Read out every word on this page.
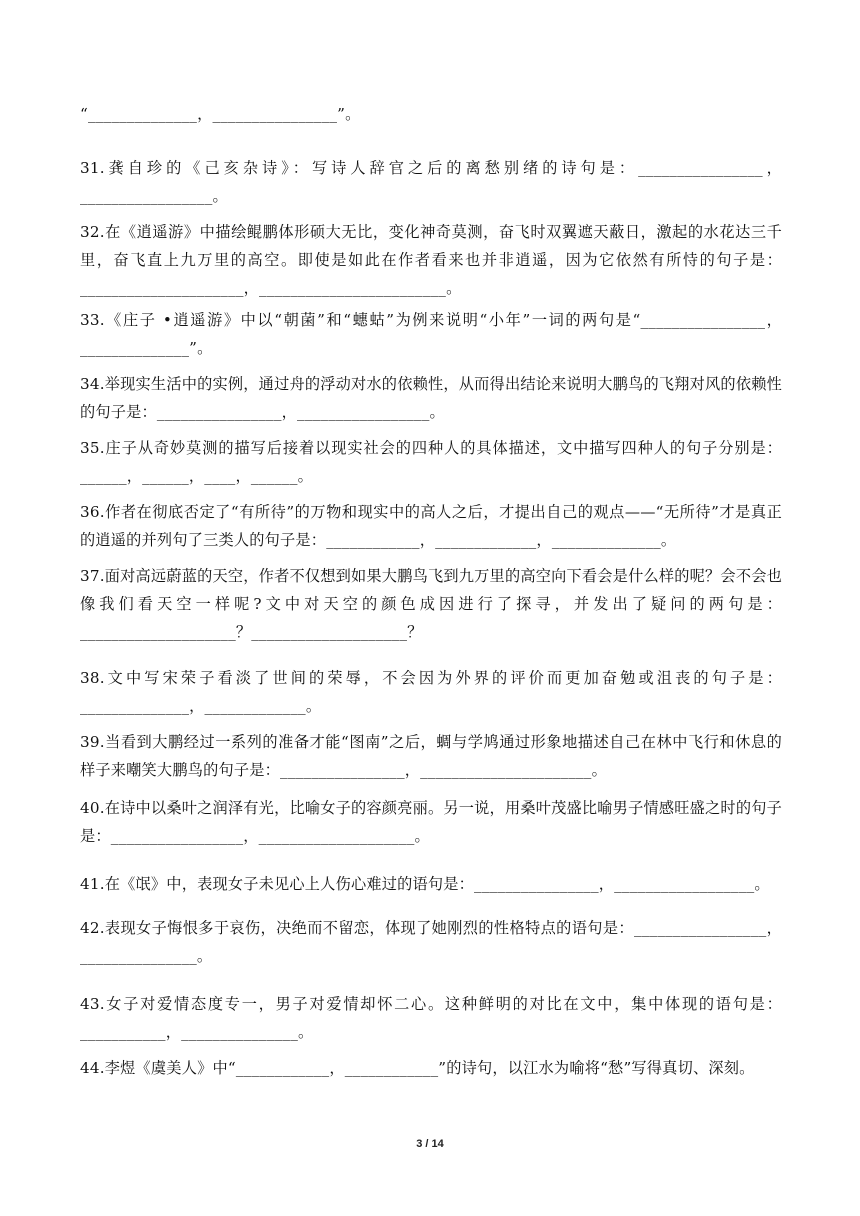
“______________，________________”。
31.龚自珍的《己亥杂诗》：写诗人辞官之后的离愁别绪的诗句是：________________，_________________。
32.在《逍遥游》中描绘鲲鹏体形硕大无比，变化神奇莫测，奋飞时双翼遮天蔽日，激起的水花达三千里，奋飞直上九万里的高空。即使是如此在作者看来也并非逍遥，因为它依然有所恃的句子是：_____________________，________________________。
33.《庄子 •逍遥游》中以“朝菌”和“蟪蛄”为例来说明“小年”一词的两句是“________________，______________”。
34.举现实生活中的实例，通过舟的浮动对水的依赖性，从而得出结论来说明大鹏鸟的飞翔对风的依赖性的句子是：________________，_________________。
35.庄子从奇妙莫测的描写后接着以现实社会的四种人的具体描述，文中描写四种人的句子分别是：______，______，____，______。
36.作者在彻底否定了“有所待”的万物和现实中的高人之后，才提出自己的观点——“无所待”才是真正的逍遥的并列句了三类人的句子是：____________，_____________，______________。
37.面对高远蔚蓝的天空，作者不仅想到如果大鹏鸟飞到九万里的高空向下看会是什么样的呢？会不会也像我们看天空一样呢?文中对天空的颜色成因进行了探寻，并发出了疑问的两句是：____________________？____________________？
38.文中写宋荣子看淡了世间的荣辱，不会因为外界的评价而更加奋勉或沮丧的句子是：______________，_____________。
39.当看到大鹏经过一系列的准备才能“图南”之后，蜩与学鸠通过形象地描述自己在林中飞行和休息的样子来嘲笑大鹏鸟的句子是：________________，______________________。
40.在诗中以桑叶之润泽有光，比喻女子的容颜亮丽。另一说，用桑叶茂盛比喻男子情感旺盛之时的句子是：_________________，____________________。
41.在《氓》中，表现女子未见心上人伤心难过的语句是：________________，__________________。
42.表现女子悔恨多于哀伤，决绝而不留恋，体现了她刚烈的性格特点的语句是：_________________，_______________。
43.女子对爱情态度专一，男子对爱情却怀二心。这种鲜明的对比在文中，集中体现的语句是：___________，_______________。
44.李煜《虞美人》中“____________，____________”的诗句，以江水为喻将“愁”写得真切、深刻。
3 / 14
